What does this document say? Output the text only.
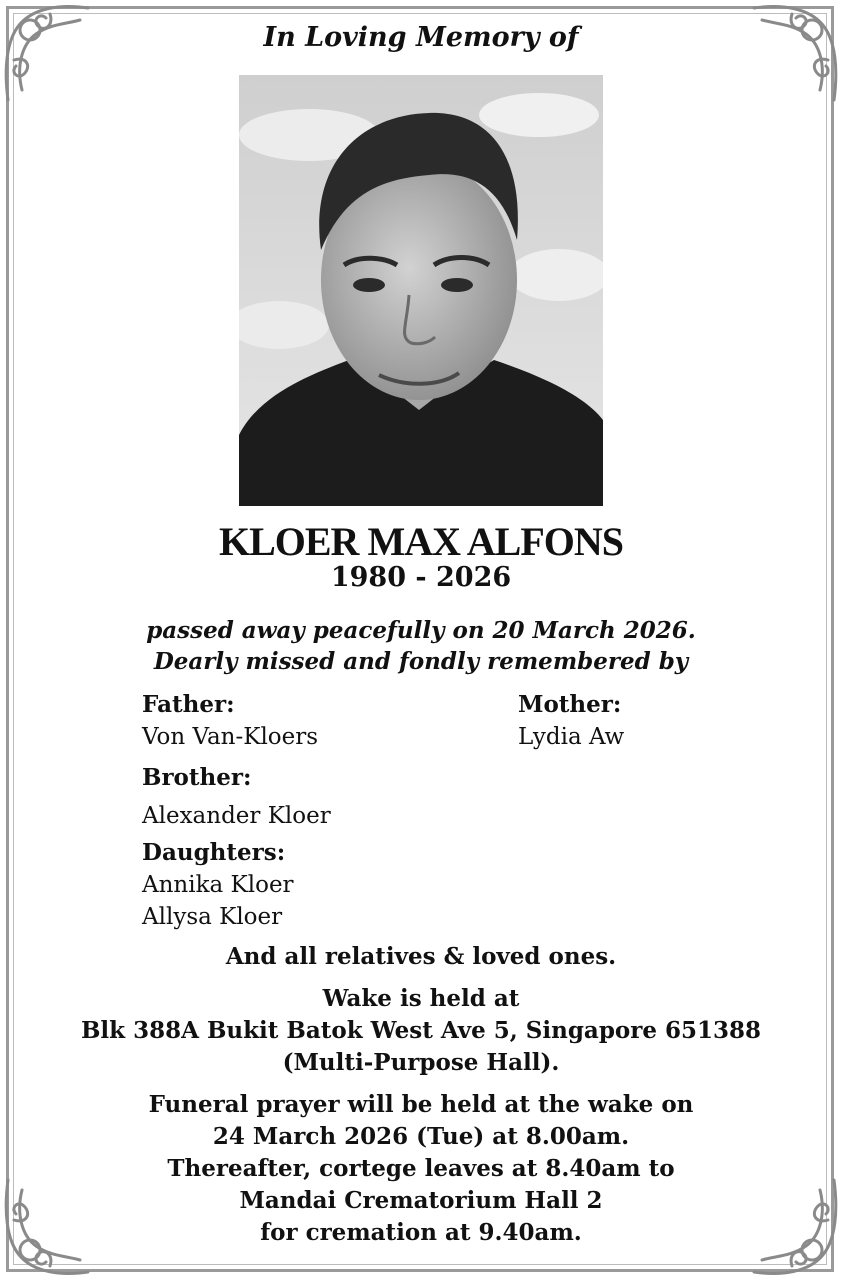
In Loving Memory of
KLOER MAX ALFONS
1980 - 2026
passed away peacefully on 20 March 2026.
Dearly missed and fondly remembered by
Father:
Von Van-Kloers
Mother:
Lydia Aw
Brother:
Alexander Kloer
Daughters:
Annika Kloer
Allysa Kloer
And all relatives & loved ones.
Wake is held at
Blk 388A Bukit Batok West Ave 5, Singapore 651388
(Multi-Purpose Hall).
Funeral prayer will be held at the wake on
24 March 2026 (Tue) at 8.00am.
Thereafter, cortege leaves at 8.40am to
Mandai Crematorium Hall 2
for cremation at 9.40am.
